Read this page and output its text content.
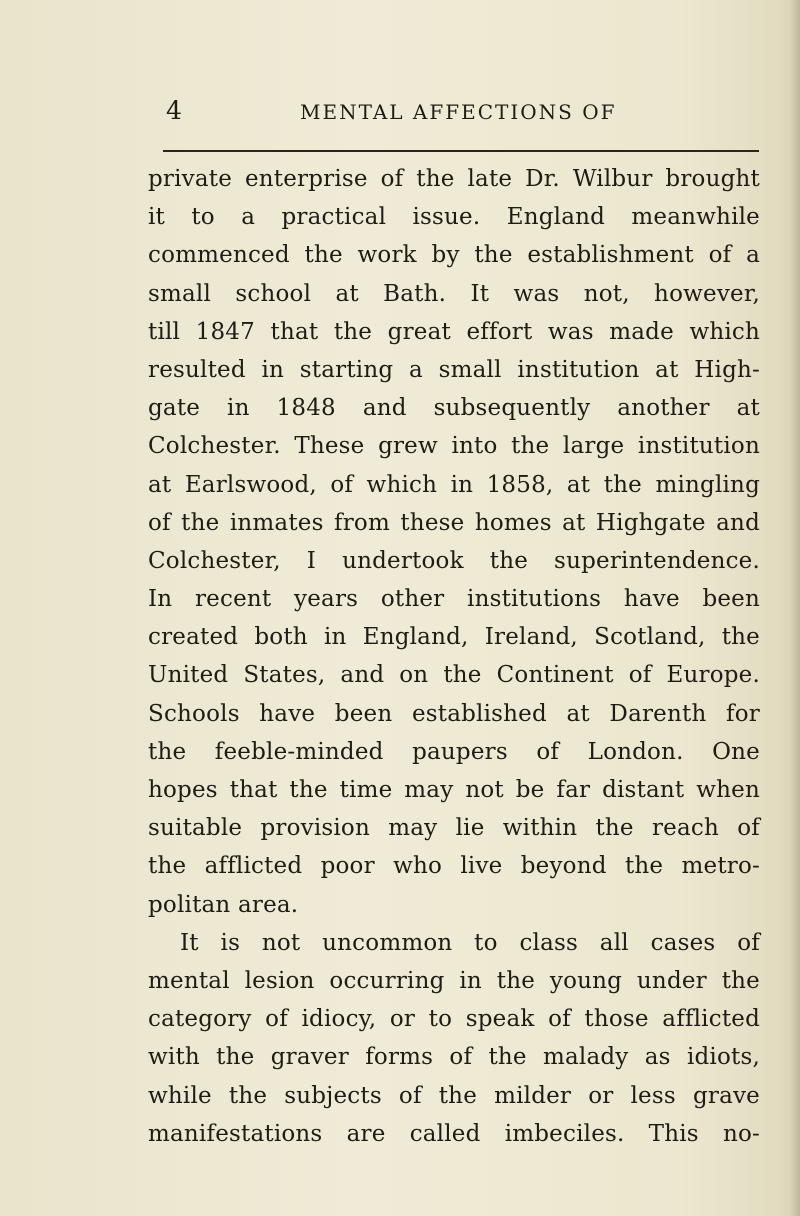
4	MENTAL AFFECTIONS OF
private enterprise of the late Dr. Wilbur brought
it to a practical issue. England meanwhile
commenced the work by the establishment of a
small school at Bath. It was not, however,
till 1847 that the great effort was made which
resulted in starting a small institution at High-
gate in 1848 and subsequently another at
Colchester. These grew into the large institution
at Earlswood, of which in 1858, at the mingling
of the inmates from these homes at Highgate and
Colchester, I undertook the superintendence.
In recent years other institutions have been
created both in England, Ireland, Scotland, the
United States, and on the Continent of Europe.
Schools have been established at Darenth for
the feeble-minded paupers of London. One
hopes that the time may not be far distant when
suitable provision may lie within the reach of
the afflicted poor who live beyond the metro-
politan area.
It is not uncommon to class all cases of
mental lesion occurring in the young under the
category of idiocy, or to speak of those afflicted
with the graver forms of the malady as idiots,
while the subjects of the milder or less grave
manifestations are called imbeciles. This no-
